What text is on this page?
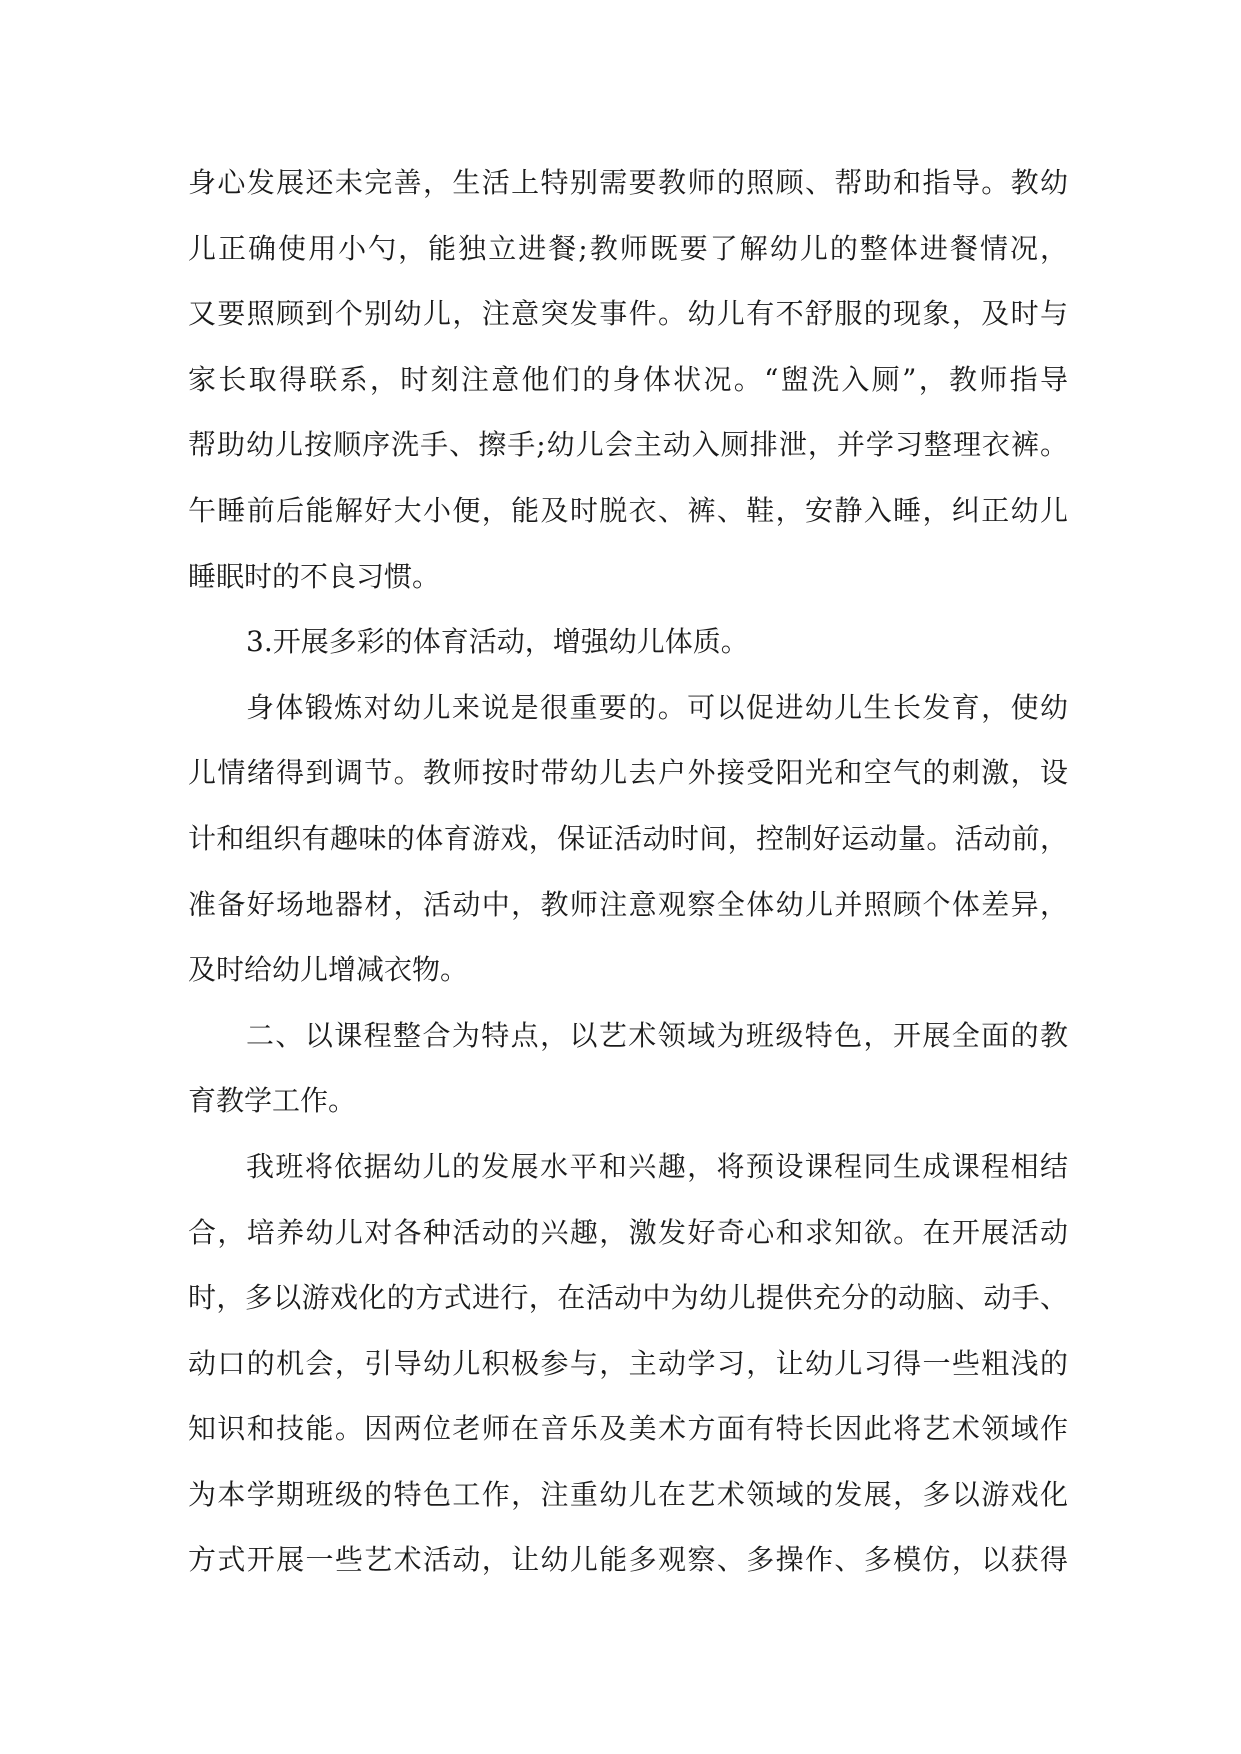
身心发展还未完善，生活上特别需要教师的照顾、帮助和指导。教幼
儿正确使用小勺，能独立进餐;教师既要了解幼儿的整体进餐情况，
又要照顾到个别幼儿，注意突发事件。幼儿有不舒服的现象，及时与
家长取得联系，时刻注意他们的身体状况。“盥洗入厕”，教师指导
帮助幼儿按顺序洗手、擦手;幼儿会主动入厕排泄，并学习整理衣裤。
午睡前后能解好大小便，能及时脱衣、裤、鞋，安静入睡，纠正幼儿
睡眠时的不良习惯。
3.开展多彩的体育活动，增强幼儿体质。
身体锻炼对幼儿来说是很重要的。可以促进幼儿生长发育，使幼
儿情绪得到调节。教师按时带幼儿去户外接受阳光和空气的刺激，设
计和组织有趣味的体育游戏，保证活动时间，控制好运动量。活动前，
准备好场地器材，活动中，教师注意观察全体幼儿并照顾个体差异，
及时给幼儿增减衣物。
二、以课程整合为特点，以艺术领域为班级特色，开展全面的教
育教学工作。
我班将依据幼儿的发展水平和兴趣，将预设课程同生成课程相结
合，培养幼儿对各种活动的兴趣，激发好奇心和求知欲。在开展活动
时，多以游戏化的方式进行，在活动中为幼儿提供充分的动脑、动手、
动口的机会，引导幼儿积极参与，主动学习，让幼儿习得一些粗浅的
知识和技能。因两位老师在音乐及美术方面有特长因此将艺术领域作
为本学期班级的特色工作，注重幼儿在艺术领域的发展，多以游戏化
方式开展一些艺术活动，让幼儿能多观察、多操作、多模仿，以获得
